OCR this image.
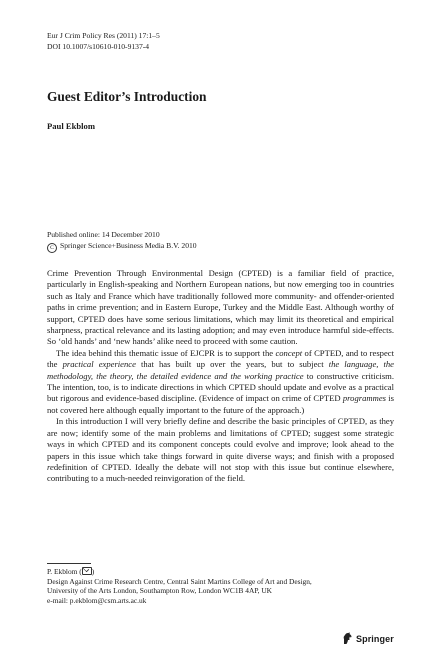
Eur J Crim Policy Res (2011) 17:1–5
DOI 10.1007/s10610-010-9137-4
Guest Editor’s Introduction
Paul Ekblom
Published online: 14 December 2010
C Springer Science+Business Media B.V. 2010

Crime Prevention Through Environmental Design (CPTED) is a familiar field of practice, particularly in English-speaking and Northern European nations, but now emerging too in countries such as Italy and France which have traditionally followed more community- and offender-oriented paths in crime prevention; and in Eastern Europe, Turkey and the Middle East. Although worthy of support, CPTED does have some serious limitations, which may limit its theoretical and empirical sharpness, practical relevance and its lasting adoption; and may even introduce harmful side-effects. So ‘old hands’ and ‘new hands’ alike need to proceed with some caution.

The idea behind this thematic issue of EJCPR is to support the concept of CPTED, and to respect the practical experience that has built up over the years, but to subject the language, the methodology, the theory, the detailed evidence and the working practice to constructive criticism. The intention, too, is to indicate directions in which CPTED should update and evolve as a practical but rigorous and evidence-based discipline. (Evidence of impact on crime of CPTED programmes is not covered here although equally important to the future of the approach.)

In this introduction I will very briefly define and describe the basic principles of CPTED, as they are now; identify some of the main problems and limitations of CPTED; suggest some strategic ways in which CPTED and its component concepts could evolve and improve; look ahead to the papers in this issue which take things forward in quite diverse ways; and finish with a proposed redefinition of CPTED. Ideally the debate will not stop with this issue but continue elsewhere, contributing to a much-needed reinvigoration of the field.

P. Ekblom ( )
Design Against Crime Research Centre, Central Saint Martins College of Art and Design,
University of the Arts London, Southampton Row, London WC1B 4AP, UK
e-mail: p.ekblom@csm.arts.ac.uk
Springer
